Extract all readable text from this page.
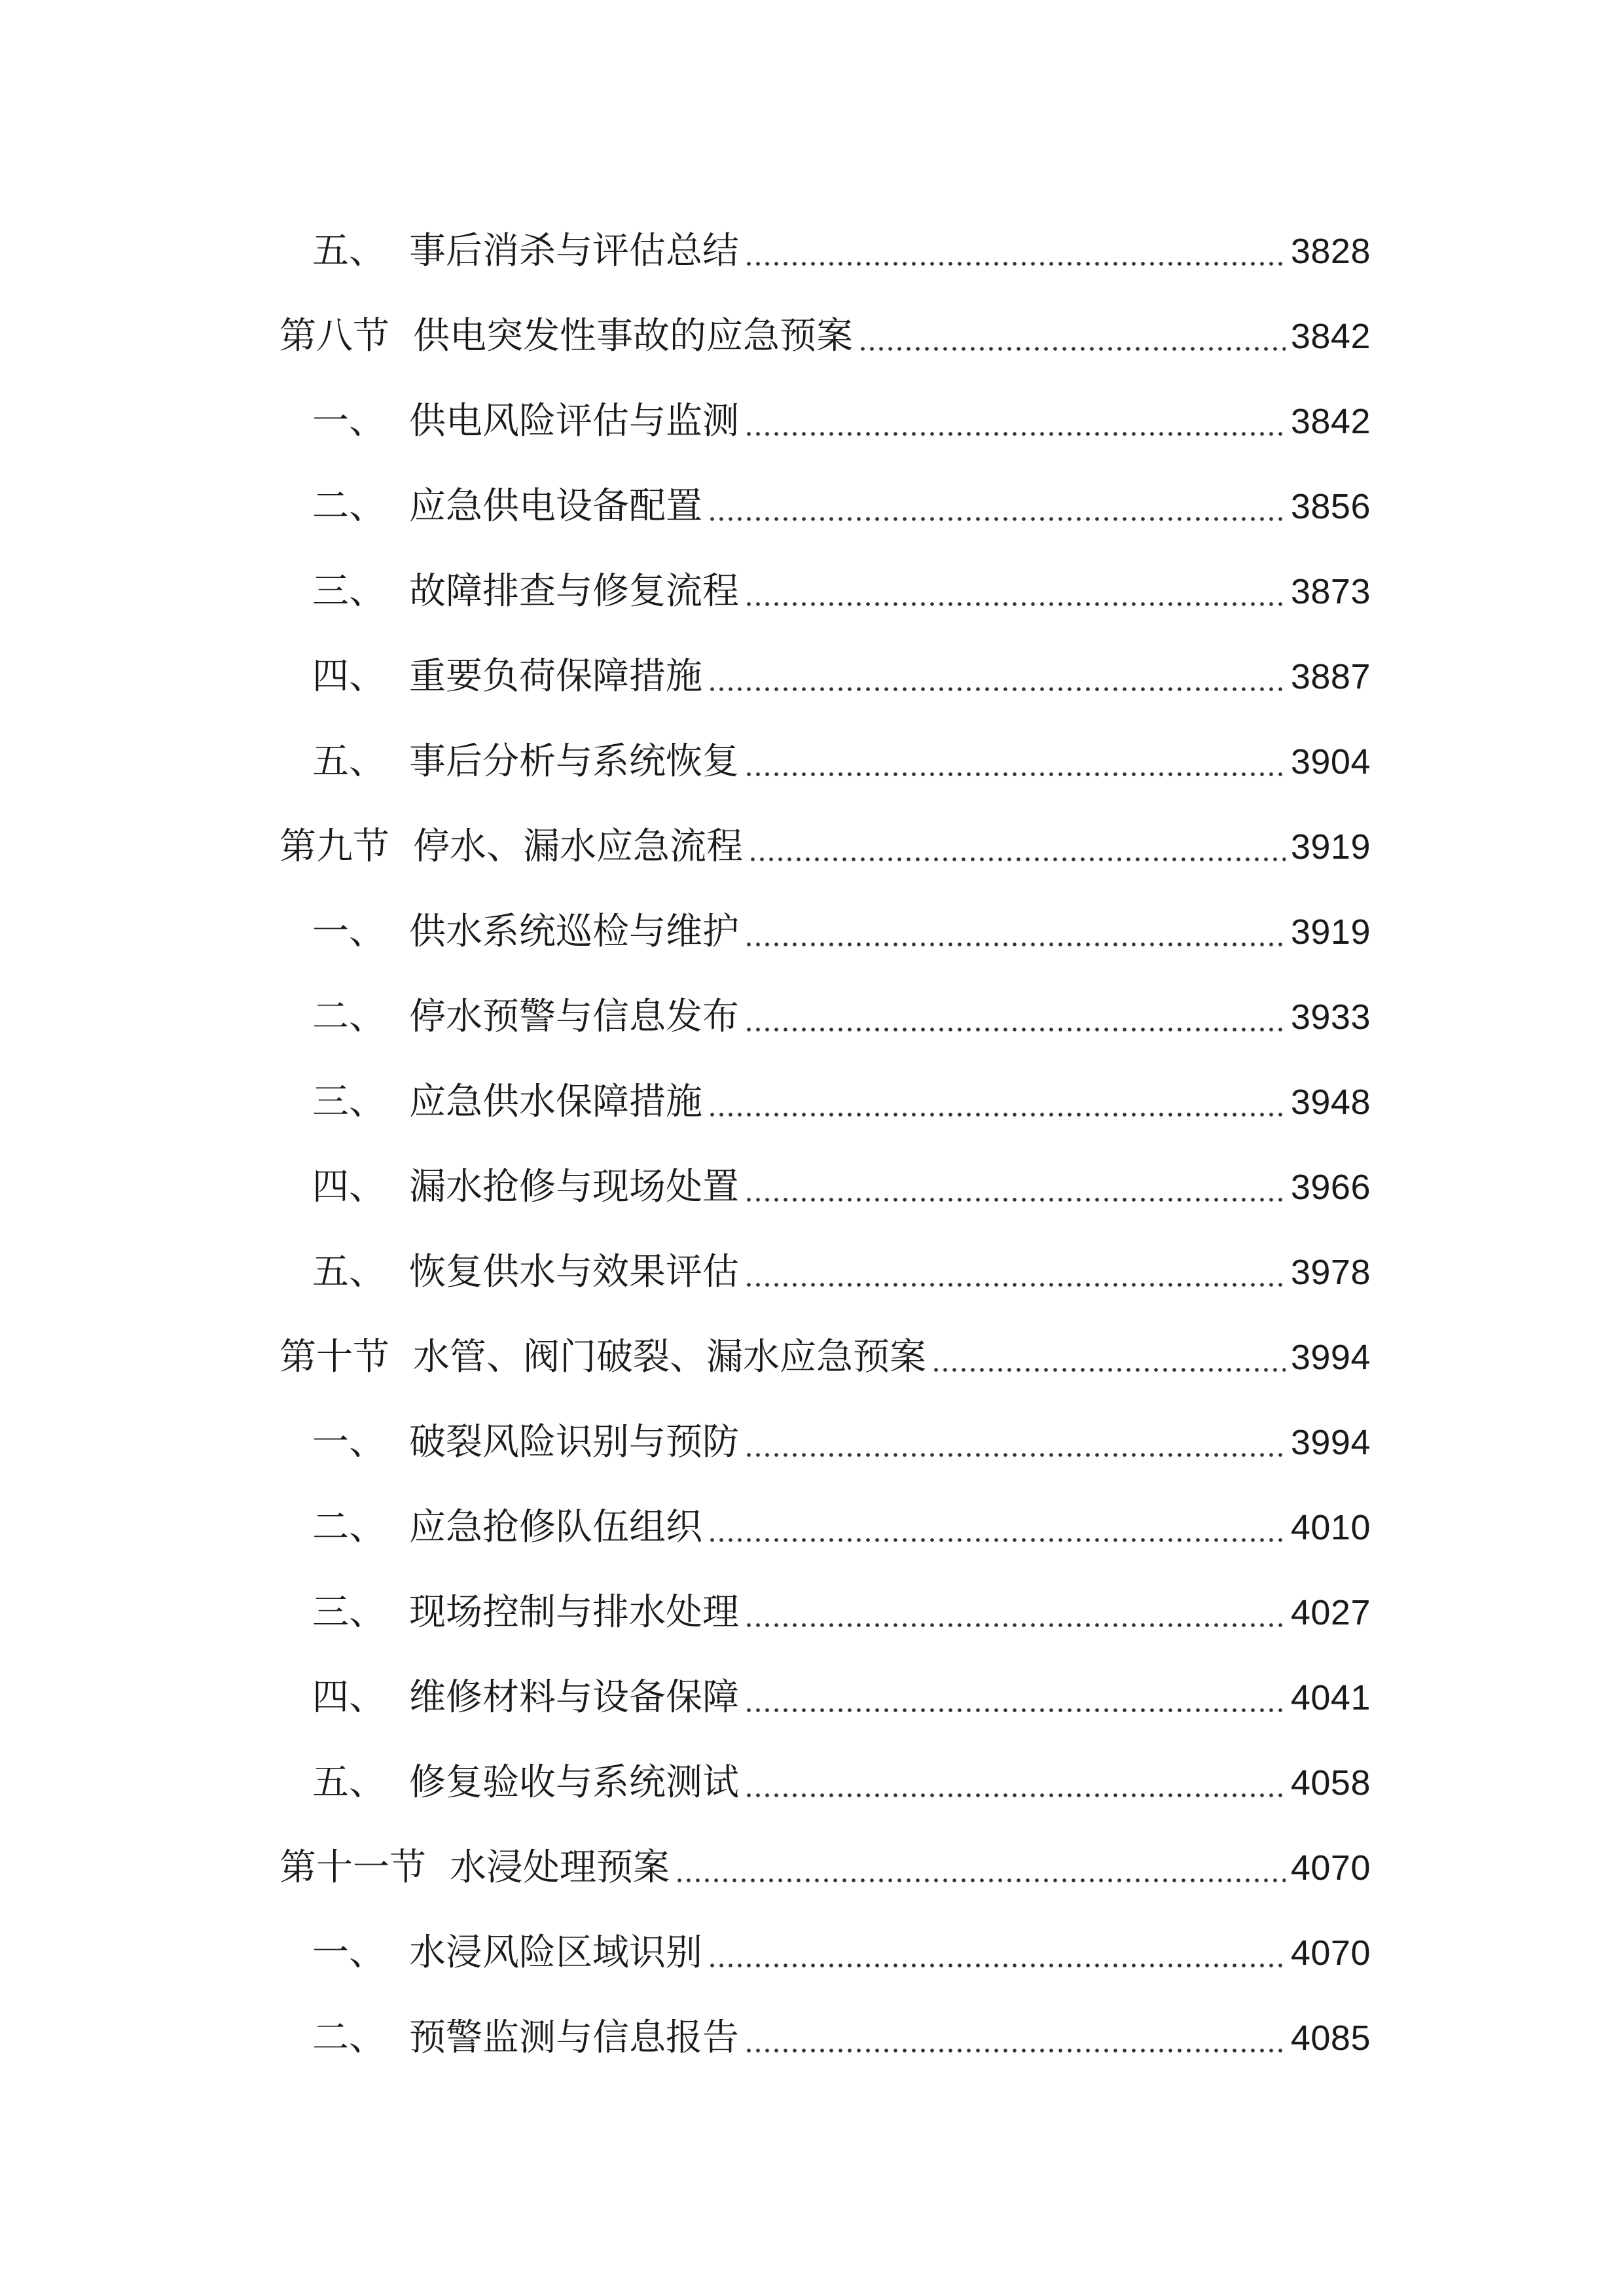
五、 事后消杀与评估总结	3828
第八节 供电突发性事故的应急预案	3842
一、 供电风险评估与监测	3842
二、 应急供电设备配置	3856
三、 故障排查与修复流程	3873
四、 重要负荷保障措施	3887
五、 事后分析与系统恢复	3904
第九节 停水、漏水应急流程	3919
一、 供水系统巡检与维护	3919
二、 停水预警与信息发布	3933
三、 应急供水保障措施	3948
四、 漏水抢修与现场处置	3966
五、 恢复供水与效果评估	3978
第十节 水管、阀门破裂、漏水应急预案	3994
一、 破裂风险识别与预防	3994
二、 应急抢修队伍组织	4010
三、 现场控制与排水处理	4027
四、 维修材料与设备保障	4041
五、 修复验收与系统测试	4058
第十一节 水浸处理预案	4070
一、 水浸风险区域识别	4070
二、 预警监测与信息报告	4085
